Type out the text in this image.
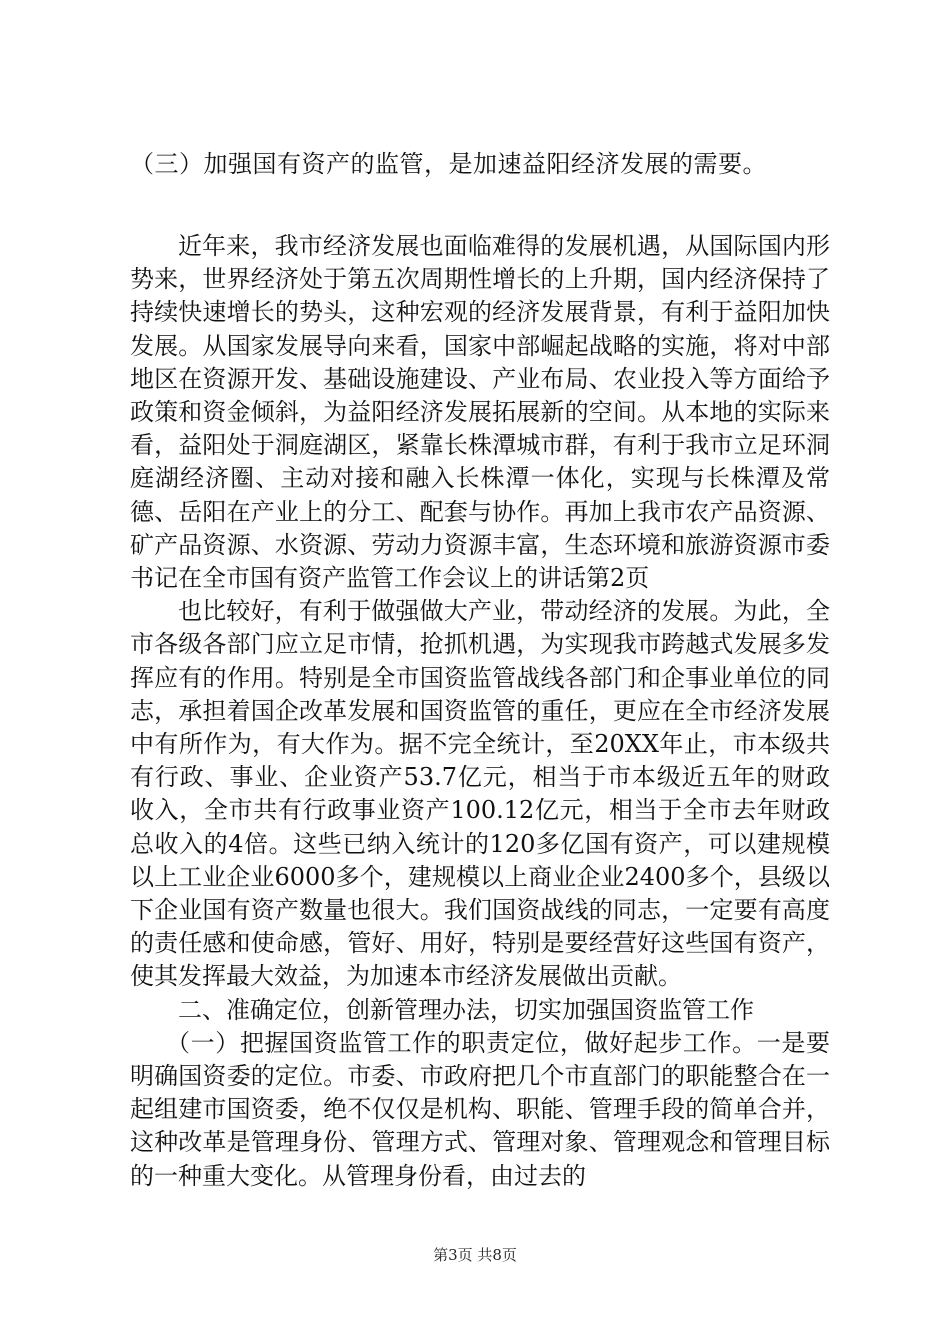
（三）加强国有资产的监管，是加速益阳经济发展的需要。

近年来，我市经济发展也面临难得的发展机遇，从国际国内形势来，世界经济处于第五次周期性增长的上升期，国内经济保持了持续快速增长的势头，这种宏观的经济发展背景，有利于益阳加快发展。从国家发展导向来看，国家中部崛起战略的实施，将对中部地区在资源开发、基础设施建设、产业布局、农业投入等方面给予政策和资金倾斜，为益阳经济发展拓展新的空间。从本地的实际来看，益阳处于洞庭湖区，紧靠长株潭城市群，有利于我市立足环洞庭湖经济圈、主动对接和融入长株潭一体化，实现与长株潭及常德、岳阳在产业上的分工、配套与协作。再加上我市农产品资源、矿产品资源、水资源、劳动力资源丰富，生态环境和旅游资源市委书记在全市国有资产监管工作会议上的讲话第2页

也比较好，有利于做强做大产业，带动经济的发展。为此，全市各级各部门应立足市情，抢抓机遇，为实现我市跨越式发展多发挥应有的作用。特别是全市国资监管战线各部门和企事业单位的同志，承担着国企改革发展和国资监管的重任，更应在全市经济发展中有所作为，有大作为。据不完全统计，至20XX年止，市本级共有行政、事业、企业资产53.7亿元，相当于市本级近五年的财政收入，全市共有行政事业资产100.12亿元，相当于全市去年财政总收入的4倍。这些已纳入统计的120多亿国有资产，可以建规模以上工业企业6000多个，建规模以上商业企业2400多个，县级以下企业国有资产数量也很大。我们国资战线的同志，一定要有高度的责任感和使命感，管好、用好，特别是要经营好这些国有资产，使其发挥最大效益，为加速本市经济发展做出贡献。

二、准确定位，创新管理办法，切实加强国资监管工作

（一）把握国资监管工作的职责定位，做好起步工作。一是要明确国资委的定位。市委、市政府把几个市直部门的职能整合在一起组建市国资委，绝不仅仅是机构、职能、管理手段的简单合并，这种改革是管理身份、管理方式、管理对象、管理观念和管理目标的一种重大变化。从管理身份看，由过去的

第3页 共8页
